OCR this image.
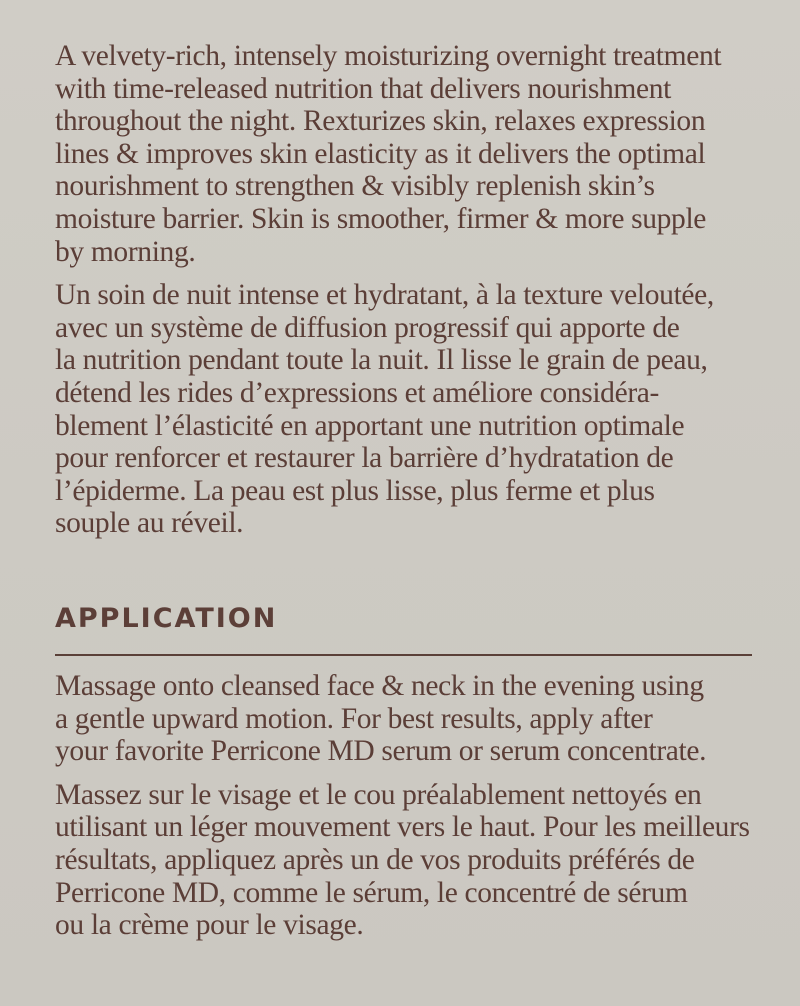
A velvety-rich, intensely moisturizing overnight treatment
with time-released nutrition that delivers nourishment
throughout the night. Rexturizes skin, relaxes expression
lines & improves skin elasticity as it delivers the optimal
nourishment to strengthen & visibly replenish skin’s
moisture barrier. Skin is smoother, firmer & more supple
by morning.
Un soin de nuit intense et hydratant, à la texture veloutée,
avec un système de diffusion progressif qui apporte de
la nutrition pendant toute la nuit. Il lisse le grain de peau,
détend les rides d’expressions et améliore considéra-
blement l’élasticité en apportant une nutrition optimale
pour renforcer et restaurer la barrière d’hydratation de
l’épiderme. La peau est plus lisse, plus ferme et plus
souple au réveil.
APPLICATION
Massage onto cleansed face & neck in the evening using
a gentle upward motion. For best results, apply after
your favorite Perricone MD serum or serum concentrate.
Massez sur le visage et le cou préalablement nettoyés en
utilisant un léger mouvement vers le haut. Pour les meilleurs
résultats, appliquez après un de vos produits préférés de
Perricone MD, comme le sérum, le concentré de sérum
ou la crème pour le visage.
